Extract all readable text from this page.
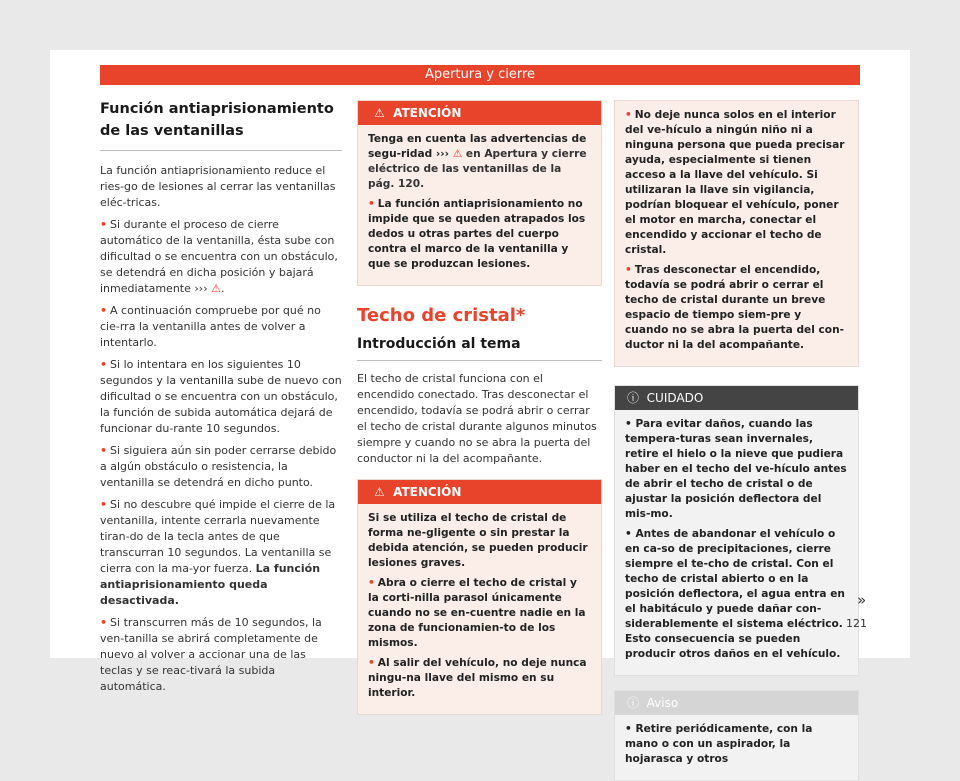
Apertura y cierre
Función antiaprisionamiento de las ventanillas

La función antiaprisionamiento reduce el ries-go de lesiones al cerrar las ventanillas eléc-tricas.

• Si durante el proceso de cierre automático de la ventanilla, ésta sube con dificultad o se encuentra con un obstáculo, se detendrá en dicha posición y bajará inmediatamente ››› ⚠.

• A continuación compruebe por qué no cie-rra la ventanilla antes de volver a intentarlo.

• Si lo intentara en los siguientes 10 segundos y la ventanilla sube de nuevo con dificultad o se encuentra con un obstáculo, la función de subida automática dejará de funcionar du-rante 10 segundos.

• Si siguiera aún sin poder cerrarse debido a algún obstáculo o resistencia, la ventanilla se detendrá en dicho punto.

• Si no descubre qué impide el cierre de la ventanilla, intente cerrarla nuevamente tiran-do de la tecla antes de que transcurran 10 segundos. La ventanilla se cierra con la ma-yor fuerza. La función antiaprisionamiento queda desactivada.

• Si transcurren más de 10 segundos, la ven-tanilla se abrirá completamente de nuevo al volver a accionar una de las teclas y se reac-tivará la subida automática.

⚠ ATENCIÓN

Tenga en cuenta las advertencias de segu-ridad ››› ⚠ en Apertura y cierre eléctrico de las ventanillas de la pág. 120.

• La función antiaprisionamiento no impide que se queden atrapados los dedos u otras partes del cuerpo contra el marco de la ventanilla y que se produzcan lesiones.

Techo de cristal*
Introducción al tema

El techo de cristal funciona con el encendido conectado. Tras desconectar el encendido, todavía se podrá abrir o cerrar el techo de cristal durante algunos minutos siempre y cuando no se abra la puerta del conductor ni la del acompañante.

⚠ ATENCIÓN

Si se utiliza el techo de cristal de forma ne-gligente o sin prestar la debida atención, se pueden producir lesiones graves.

• Abra o cierre el techo de cristal y la corti-nilla parasol únicamente cuando no se en-cuentre nadie en la zona de funcionamien-to de los mismos.

• Al salir del vehículo, no deje nunca ningu-na llave del mismo en su interior.

• No deje nunca solos en el interior del ve-hículo a ningún niño ni a ninguna persona que pueda precisar ayuda, especialmente si tienen acceso a la llave del vehículo. Si utilizaran la llave sin vigilancia, podrían bloquear el vehículo, poner el motor en marcha, conectar el encendido y accionar el techo de cristal.

• Tras desconectar el encendido, todavía se podrá abrir o cerrar el techo de cristal durante un breve espacio de tiempo siem-pre y cuando no se abra la puerta del con-ductor ni la del acompañante.

ⓘ CUIDADO

• Para evitar daños, cuando las tempera-turas sean invernales, retire el hielo o la nieve que pudiera haber en el techo del ve-hículo antes de abrir el techo de cristal o de ajustar la posición deflectora del mis-mo.

• Antes de abandonar el vehículo o en ca-so de precipitaciones, cierre siempre el te-cho de cristal. Con el techo de cristal abierto o en la posición deflectora, el agua entra en el habitáculo y puede dañar con-siderablemente el sistema eléctrico. Esto consecuencia se pueden producir otros daños en el vehículo.

ⓘ Aviso

• Retire periódicamente, con la mano o con un aspirador, la hojarasca y otros

»
121
